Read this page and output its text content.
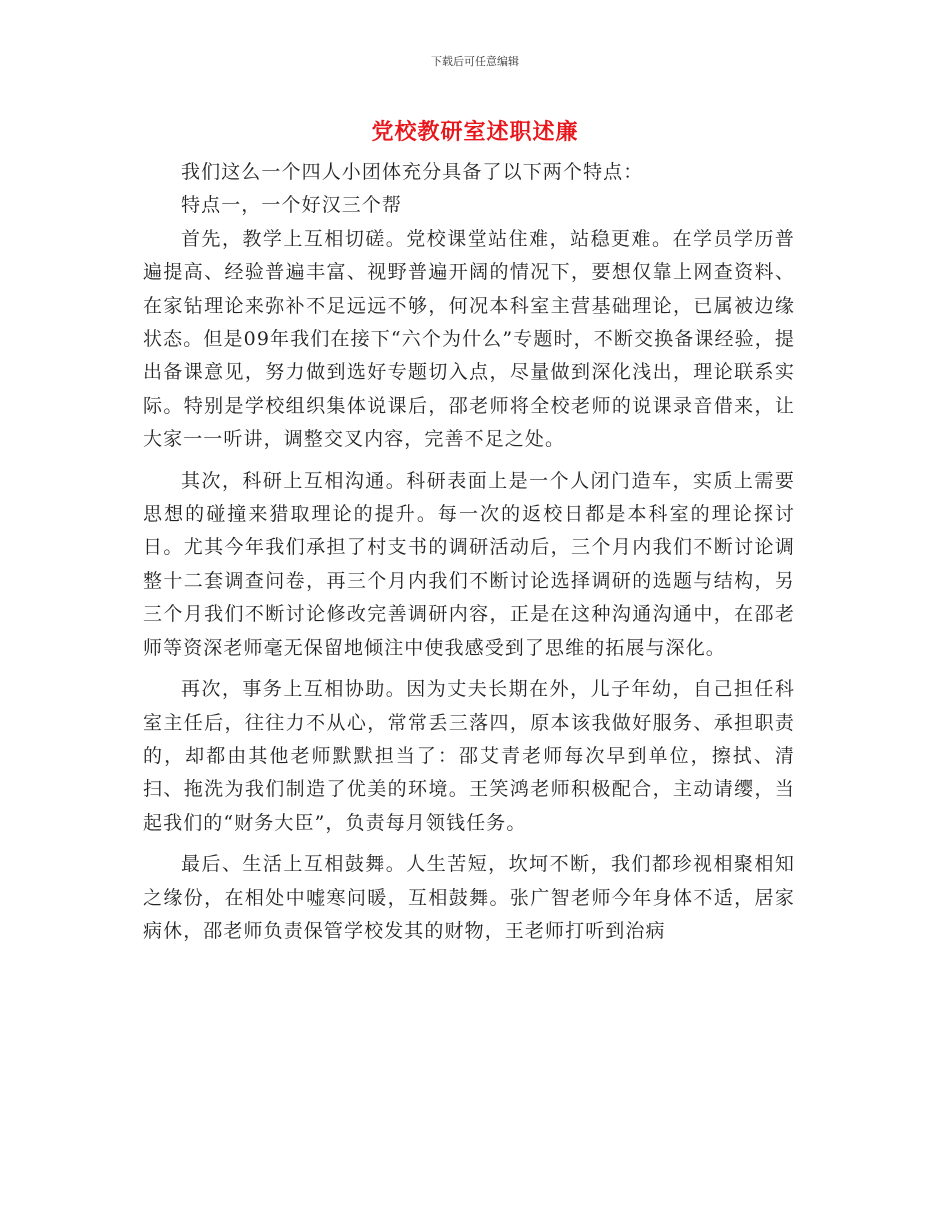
下载后可任意编辑
党校教研室述职述廉

我们这么一个四人小团体充分具备了以下两个特点：

特点一，一个好汉三个帮

首先，教学上互相切磋。党校课堂站住难，站稳更难。在学员学历普遍提高、经验普遍丰富、视野普遍开阔的情况下，要想仅靠上网查资料、在家钻理论来弥补不足远远不够，何况本科室主营基础理论，已属被边缘状态。但是09年我们在接下“六个为什么”专题时，不断交换备课经验，提出备课意见，努力做到选好专题切入点，尽量做到深化浅出，理论联系实际。特别是学校组织集体说课后，邵老师将全校老师的说课录音借来，让大家一一听讲，调整交叉内容，完善不足之处。

其次，科研上互相沟通。科研表面上是一个人闭门造车，实质上需要思想的碰撞来猎取理论的提升。每一次的返校日都是本科室的理论探讨日。尤其今年我们承担了村支书的调研活动后，三个月内我们不断讨论调整十二套调查问卷，再三个月内我们不断讨论选择调研的选题与结构，另三个月我们不断讨论修改完善调研内容，正是在这种沟通沟通中，在邵老师等资深老师毫无保留地倾注中使我感受到了思维的拓展与深化。

再次，事务上互相协助。因为丈夫长期在外，儿子年幼，自己担任科室主任后，往往力不从心，常常丢三落四，原本该我做好服务、承担职责的，却都由其他老师默默担当了：邵艾青老师每次早到单位，擦拭、清扫、拖洗为我们制造了优美的环境。王笑鸿老师积极配合，主动请缨，当起我们的“财务大臣”，负责每月领钱任务。

最后、生活上互相鼓舞。人生苦短，坎坷不断，我们都珍视相聚相知之缘份，在相处中嘘寒问暖，互相鼓舞。张广智老师今年身体不适，居家病休，邵老师负责保管学校发其的财物，王老师打听到治病
